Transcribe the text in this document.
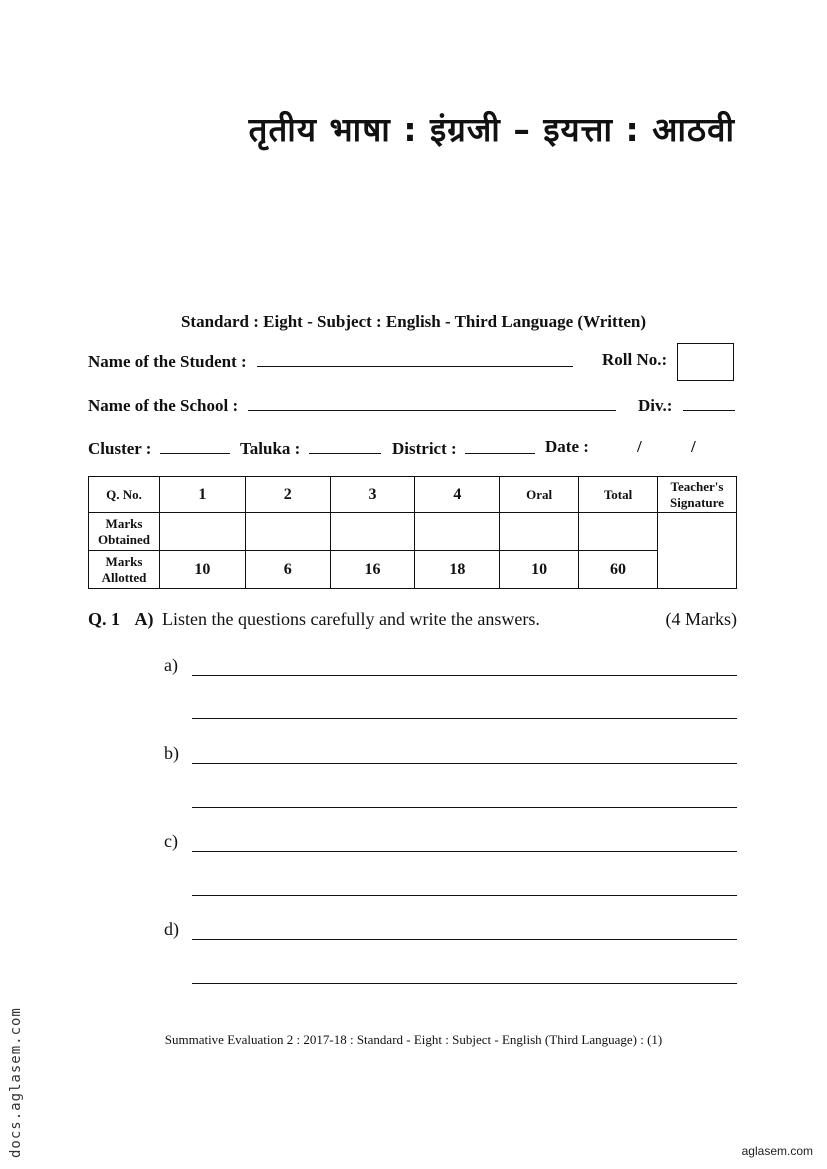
तृतीय भाषा : इंग्रजी – इयत्ता : आठवी
Standard : Eight - Subject : English - Third Language (Written)
Name of the Student :	Roll No.:
Name of the School :	Div.:
Cluster :	Taluka :	District :	Date :	/	/
Q. No.	1	2	3	4	Oral	Total	Teacher's Signature
Marks Obtained							
Marks Allotted	10	6	16	18	10	60	
Q. 1 A) Listen the questions carefully and write the answers.	(4 Marks)
a)
b)
c)
d)
Summative Evaluation 2 : 2017-18 : Standard - Eight : Subject - English (Third Language) : (1)
docs.aglasem.com	aglasem.com
